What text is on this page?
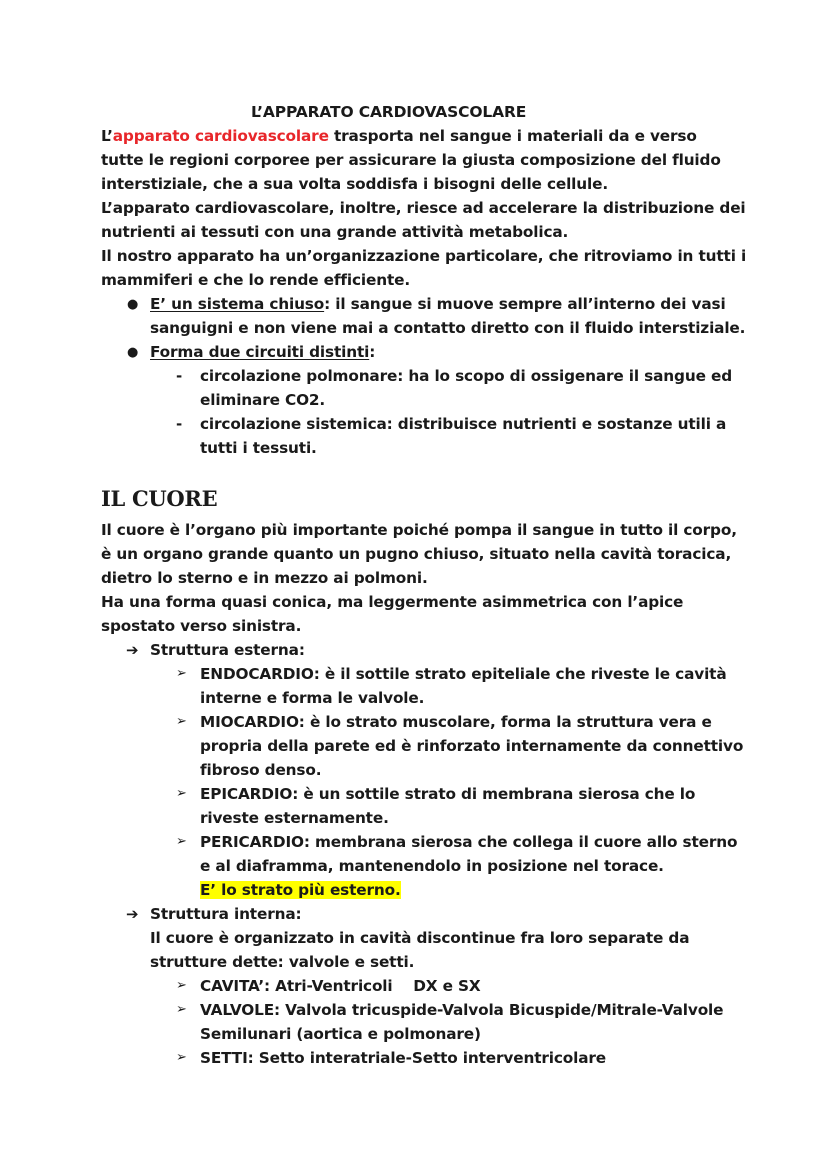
L’APPARATO CARDIOVASCOLARE
L’apparato cardiovascolare trasporta nel sangue i materiali da e verso
tutte le regioni corporee per assicurare la giusta composizione del fluido
interstiziale, che a sua volta soddisfa i bisogni delle cellule.
L’apparato cardiovascolare, inoltre, riesce ad accelerare la distribuzione dei
nutrienti ai tessuti con una grande attività metabolica.
Il nostro apparato ha un’organizzazione particolare, che ritroviamo in tutti i
mammiferi e che lo rende efficiente.
● E’ un sistema chiuso: il sangue si muove sempre all’interno dei vasi
sanguigni e non viene mai a contatto diretto con il fluido interstiziale.
● Forma due circuiti distinti:
- circolazione polmonare: ha lo scopo di ossigenare il sangue ed
eliminare CO2.
- circolazione sistemica: distribuisce nutrienti e sostanze utili a
tutti i tessuti.
IL CUORE
Il cuore è l’organo più importante poiché pompa il sangue in tutto il corpo,
è un organo grande quanto un pugno chiuso, situato nella cavità toracica,
dietro lo sterno e in mezzo ai polmoni.
Ha una forma quasi conica, ma leggermente asimmetrica con l’apice
spostato verso sinistra.
➔ Struttura esterna:
➢ ENDOCARDIO: è il sottile strato epiteliale che riveste le cavità
interne e forma le valvole.
➢ MIOCARDIO: è lo strato muscolare, forma la struttura vera e
propria della parete ed è rinforzato internamente da connettivo
fibroso denso.
➢ EPICARDIO: è un sottile strato di membrana sierosa che lo
riveste esternamente.
➢ PERICARDIO: membrana sierosa che collega il cuore allo sterno
e al diaframma, mantenendolo in posizione nel torace.
E’ lo strato più esterno.
➔ Struttura interna:
Il cuore è organizzato in cavità discontinue fra loro separate da
strutture dette: valvole e setti.
➢ CAVITA’: Atri-Ventricoli    DX e SX
➢ VALVOLE: Valvola tricuspide-Valvola Bicuspide/Mitrale-Valvole
Semilunari (aortica e polmonare)
➢ SETTI: Setto interatriale-Setto interventricolare
